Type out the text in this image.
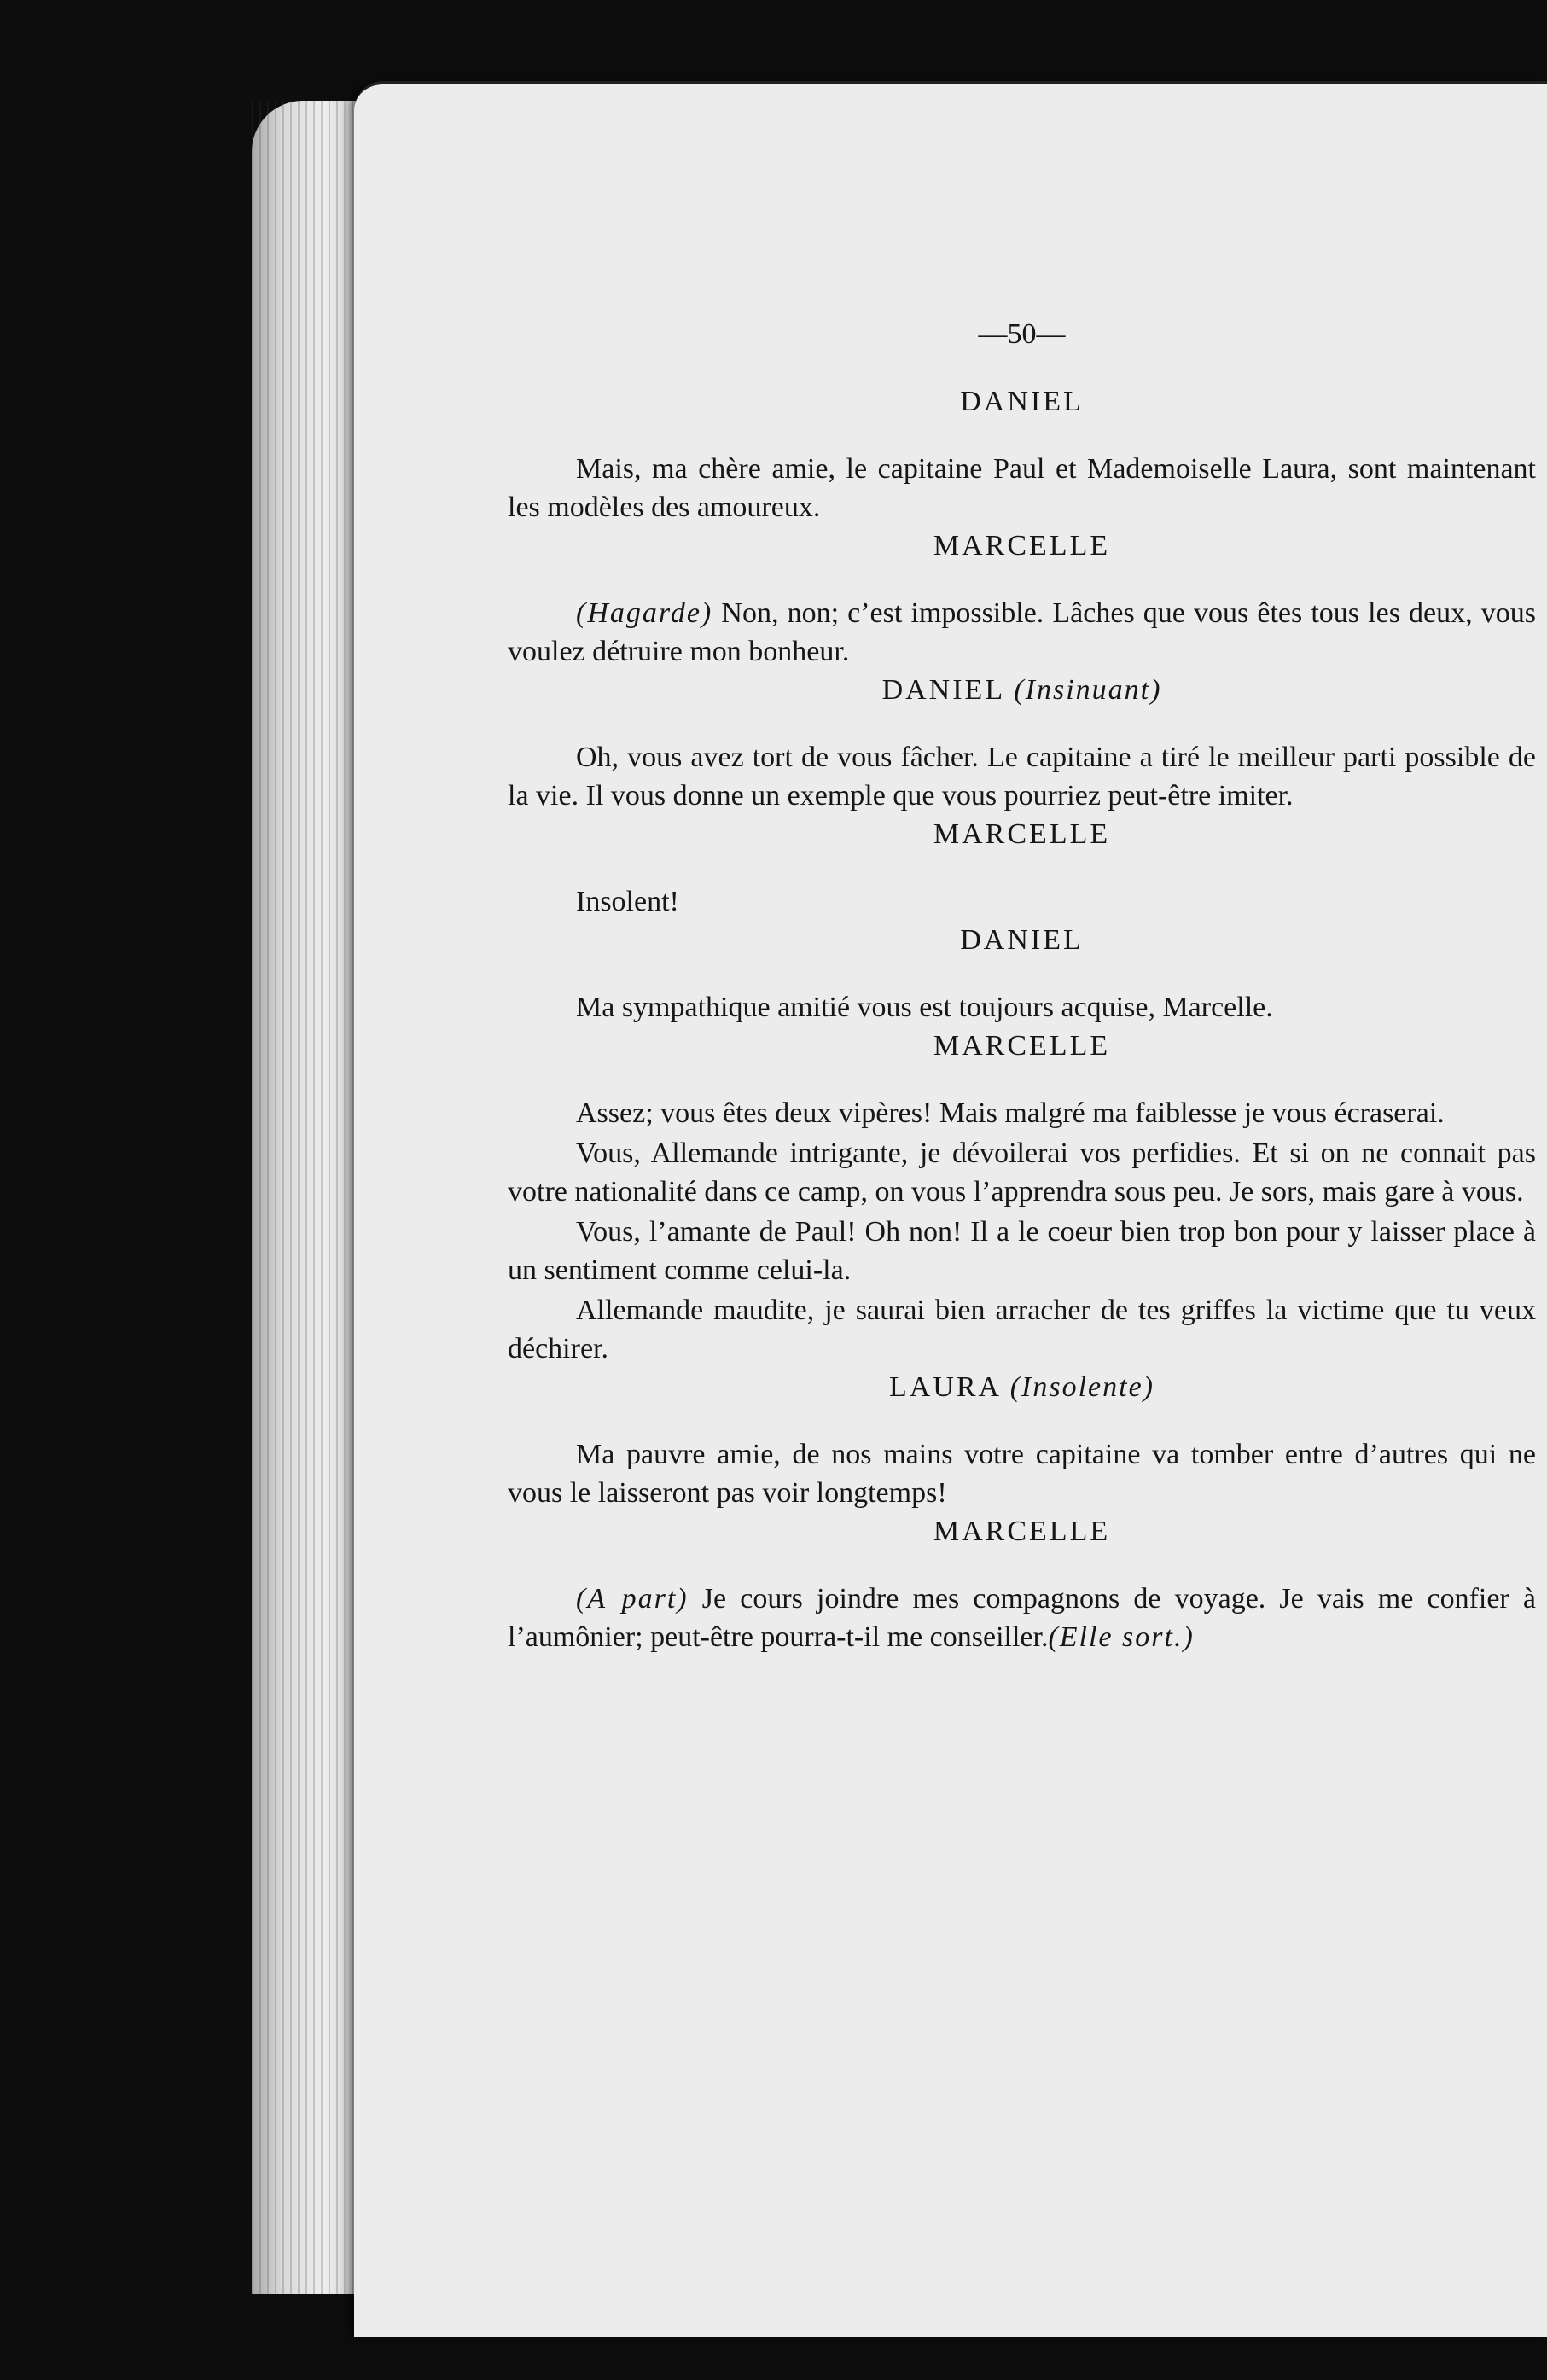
—50—
DANIEL

Mais, ma chère amie, le capitaine Paul et Mademoiselle Laura, sont maintenant les modèles des amoureux.

MARCELLE

(Hagarde) Non, non; c’est impossible. Lâches que vous êtes tous les deux, vous voulez détruire mon bonheur.

DANIEL (Insinuant)

Oh, vous avez tort de vous fâcher. Le capitaine a tiré le meilleur parti possible de la vie. Il vous donne un exemple que vous pourriez peut-être imiter.

MARCELLE

Insolent!

DANIEL

Ma sympathique amitié vous est toujours acquise, Marcelle.

MARCELLE

Assez; vous êtes deux vipères! Mais malgré ma faiblesse je vous écraserai.

Vous, Allemande intrigante, je dévoilerai vos perfidies. Et si on ne connait pas votre nationalité dans ce camp, on vous l’apprendra sous peu. Je sors, mais gare à vous.

Vous, l’amante de Paul! Oh non! Il a le coeur bien trop bon pour y laisser place à un sentiment comme celui-la.

Allemande maudite, je saurai bien arracher de tes griffes la victime que tu veux déchirer.

LAURA (Insolente)

Ma pauvre amie, de nos mains votre capitaine va tomber entre d’autres qui ne vous le laisseront pas voir longtemps!

MARCELLE

(A part) Je cours joindre mes compagnons de voyage. Je vais me confier à l’aumônier; peut-être pourra-t-il me conseiller.(Elle sort.)
